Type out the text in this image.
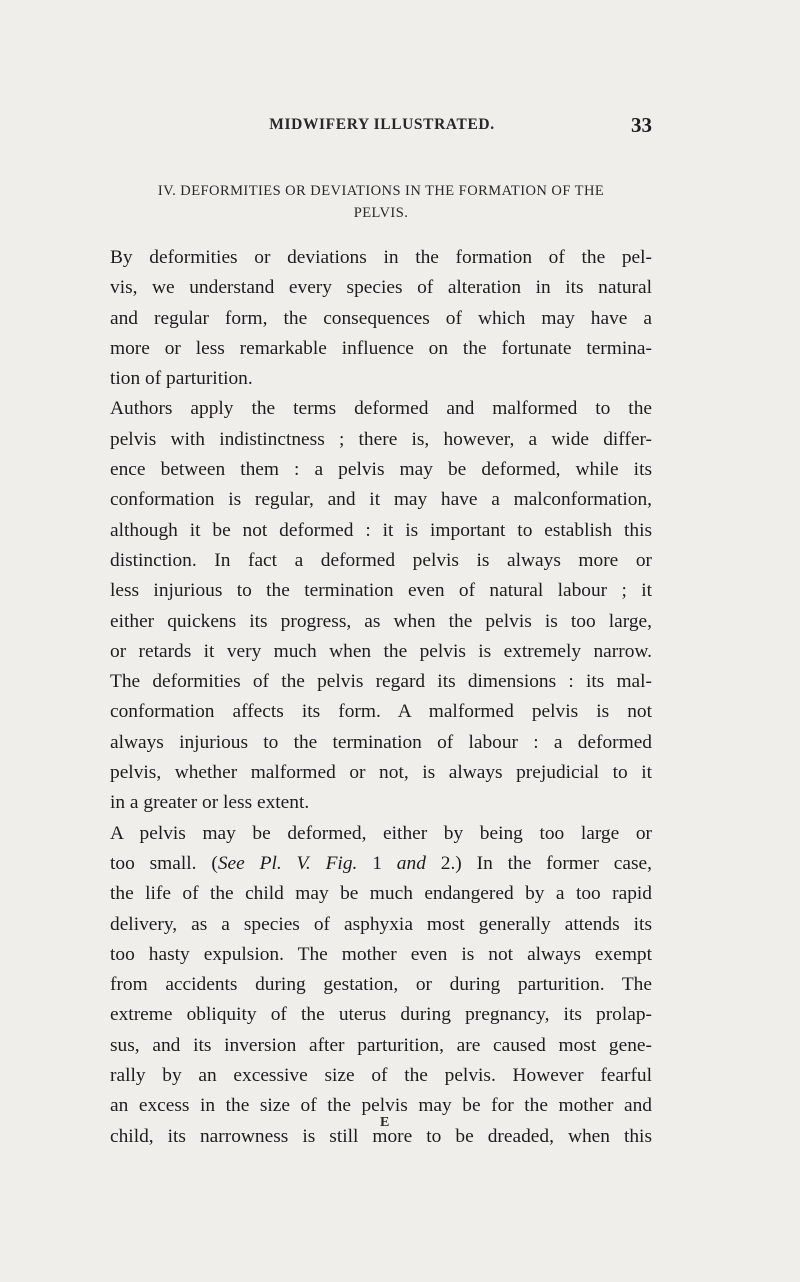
MIDWIFERY ILLUSTRATED.	33
IV. DEFORMITIES OR DEVIATIONS IN THE FORMATION OF THE
PELVIS.

By deformities or deviations in the formation of the pel-
vis, we understand every species of alteration in its natural
and regular form, the consequences of which may have a
more or less remarkable influence on the fortunate termina-
tion of parturition.

Authors apply the terms deformed and malformed to the
pelvis with indistinctness ; there is, however, a wide differ-
ence between them : a pelvis may be deformed, while its
conformation is regular, and it may have a malconformation,
although it be not deformed : it is important to establish this
distinction. In fact a deformed pelvis is always more or
less injurious to the termination even of natural labour ; it
either quickens its progress, as when the pelvis is too large,
or retards it very much when the pelvis is extremely narrow.
The deformities of the pelvis regard its dimensions : its mal-
conformation affects its form. A malformed pelvis is not
always injurious to the termination of labour : a deformed
pelvis, whether malformed or not, is always prejudicial to it
in a greater or less extent.

A pelvis may be deformed, either by being too large or
too small. (See Pl. V. Fig. 1 and 2.) In the former case,
the life of the child may be much endangered by a too rapid
delivery, as a species of asphyxia most generally attends its
too hasty expulsion. The mother even is not always exempt
from accidents during gestation, or during parturition. The
extreme obliquity of the uterus during pregnancy, its prolap-
sus, and its inversion after parturition, are caused most gene-
rally by an excessive size of the pelvis. However fearful
an excess in the size of the pelvis may be for the mother and
child, its narrowness is still more to be dreaded, when this

E
